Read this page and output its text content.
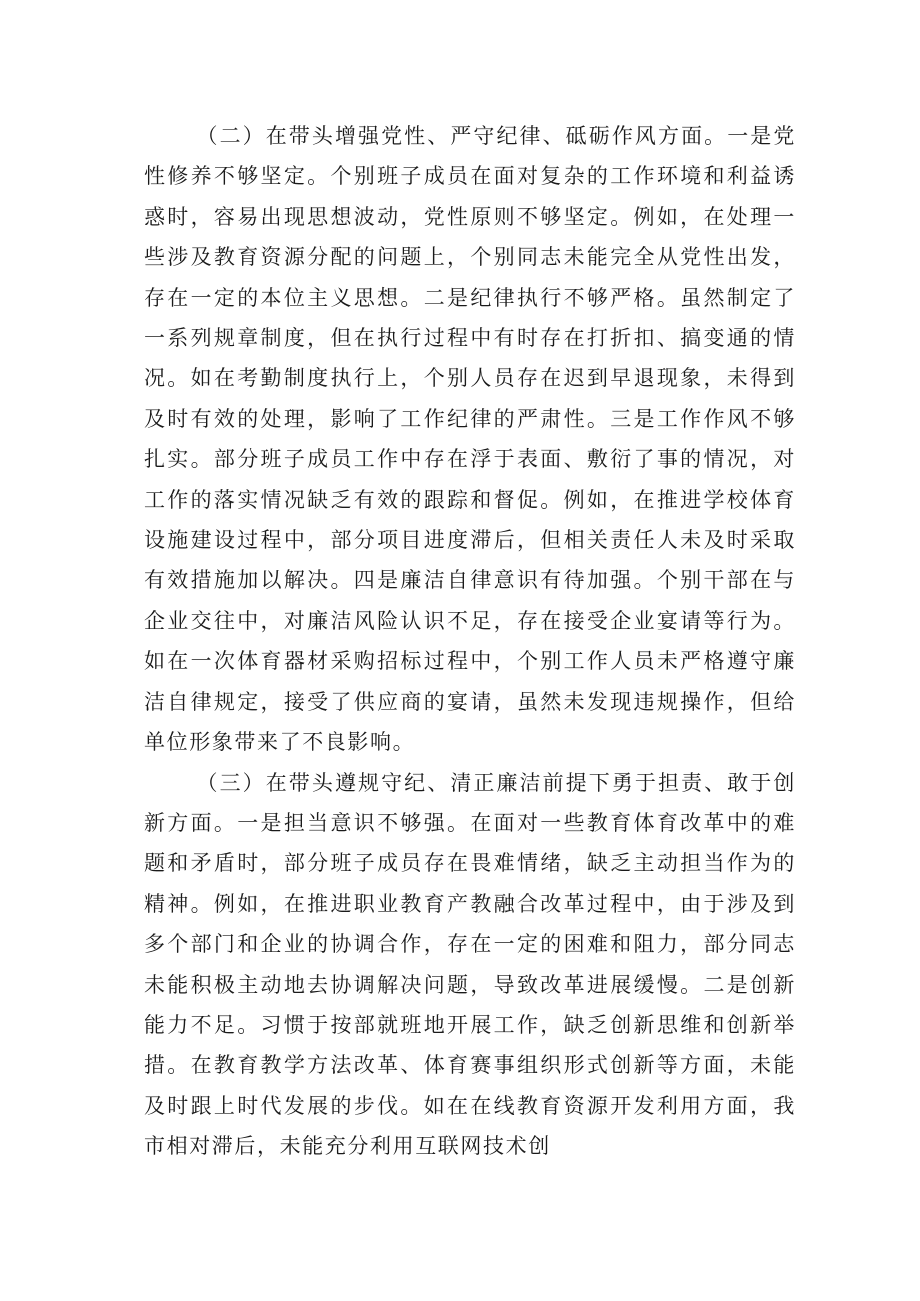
（二）在带头增强党性、严守纪律、砥砺作风方面。一是党性修养不够坚定。个别班子成员在面对复杂的工作环境和利益诱惑时，容易出现思想波动，党性原则不够坚定。例如，在处理一些涉及教育资源分配的问题上，个别同志未能完全从党性出发，存在一定的本位主义思想。二是纪律执行不够严格。虽然制定了一系列规章制度，但在执行过程中有时存在打折扣、搞变通的情况。如在考勤制度执行上，个别人员存在迟到早退现象，未得到及时有效的处理，影响了工作纪律的严肃性。三是工作作风不够扎实。部分班子成员工作中存在浮于表面、敷衍了事的情况，对工作的落实情况缺乏有效的跟踪和督促。例如，在推进学校体育设施建设过程中，部分项目进度滞后，但相关责任人未及时采取有效措施加以解决。四是廉洁自律意识有待加强。个别干部在与企业交往中，对廉洁风险认识不足，存在接受企业宴请等行为。如在一次体育器材采购招标过程中，个别工作人员未严格遵守廉洁自律规定，接受了供应商的宴请，虽然未发现违规操作，但给单位形象带来了不良影响。

（三）在带头遵规守纪、清正廉洁前提下勇于担责、敢于创新方面。一是担当意识不够强。在面对一些教育体育改革中的难题和矛盾时，部分班子成员存在畏难情绪，缺乏主动担当作为的精神。例如，在推进职业教育产教融合改革过程中，由于涉及到多个部门和企业的协调合作，存在一定的困难和阻力，部分同志未能积极主动地去协调解决问题，导致改革进展缓慢。二是创新能力不足。习惯于按部就班地开展工作，缺乏创新思维和创新举措。在教育教学方法改革、体育赛事组织形式创新等方面，未能及时跟上时代发展的步伐。如在在线教育资源开发利用方面，我市相对滞后，未能充分利用互联网技术创
